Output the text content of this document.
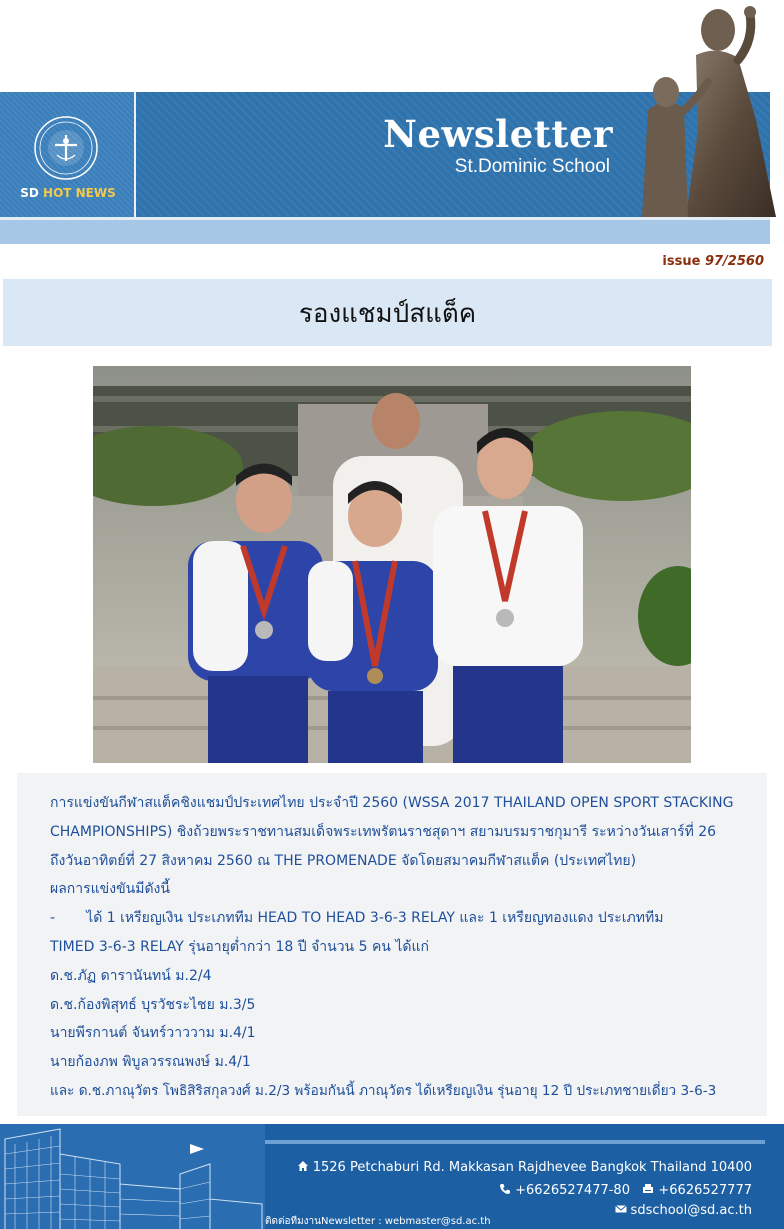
SD HOT NEWS
Newsletter
St.Dominic School
issue 97/2560
รองแชมป์สแต็ค

การแข่งขันกีฬาสแต็คชิงแชมป์ประเทศไทย ประจำปี 2560 (WSSA 2017 THAILAND OPEN SPORT STACKING

CHAMPIONSHIPS) ชิงถ้วยพระราชทานสมเด็จพระเทพรัตนราชสุดาฯ สยามบรมราชกุมารี ระหว่างวันเสาร์ที่ 26

ถึงวันอาทิตย์ที่ 27 สิงหาคม 2560 ณ THE PROMENADE จัดโดยสมาคมกีฬาสแต็ค (ประเทศไทย)

ผลการแข่งขันมีดังนี้

-       ได้ 1 เหรียญเงิน ประเภททีม HEAD TO HEAD 3-6-3 RELAY และ 1 เหรียญทองแดง ประเภททีม

TIMED 3-6-3 RELAY รุ่นอายุต่ำกว่า 18 ปี จำนวน 5 คน ได้แก่

ด.ช.ภัฏ ดารานันทน์ ม.2/4

ด.ช.ก้องพิสุทธ์ บุรวัชระไชย ม.3/5

นายพีรกานต์ จันทร์วาววาม ม.4/1

นายก้องภพ พิบูลวรรณพงษ์ ม.4/1

และ ด.ช.ภาณุวัตร โพธิสิริสกุลวงศ์ ม.2/3 พร้อมกันนี้ ภาณุวัตร ได้เหรียญเงิน รุ่นอายุ 12 ปี ประเภทชายเดี่ยว 3-6-3

1526 Petchaburi Rd. Makkasan Rajdhevee Bangkok Thailand 10400
+6626527477-80 +6626527777
sdschool@sd.ac.th
ติดต่อทีมงานNewsletter : webmaster@sd.ac.th
